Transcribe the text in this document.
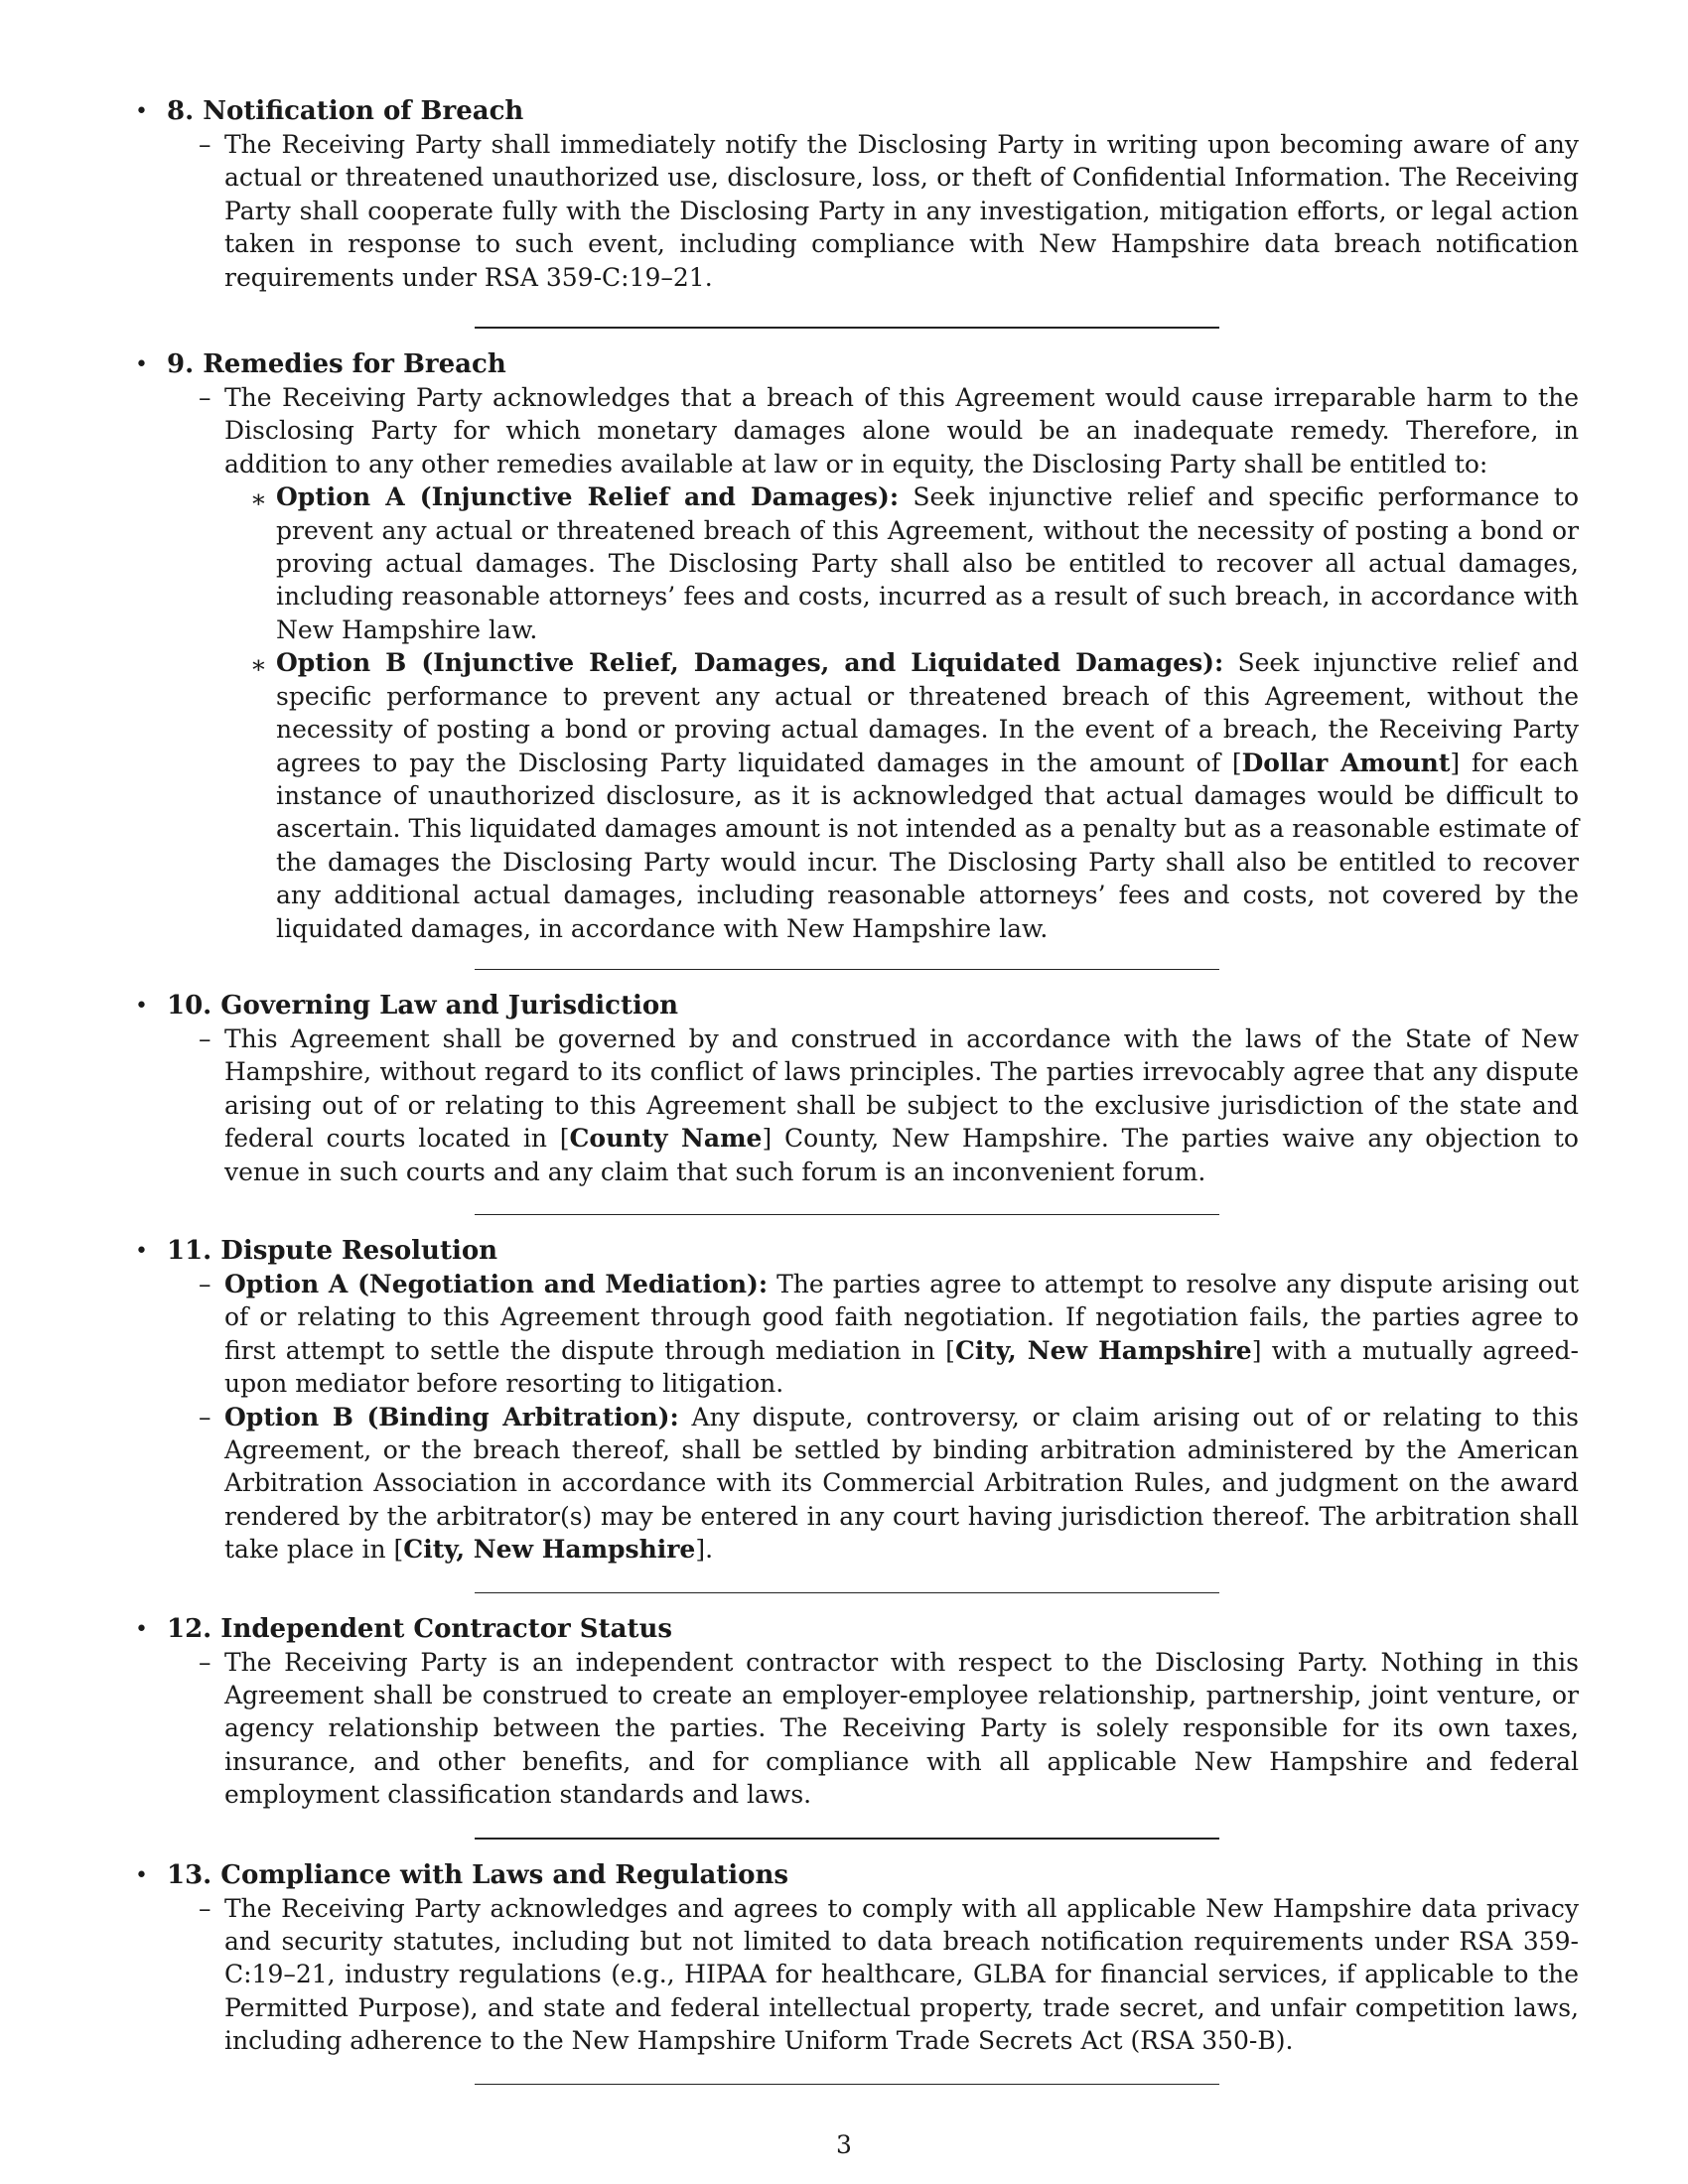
• 8. Notification of Breach
– The Receiving Party shall immediately notify the Disclosing Party in writing upon becoming aware of any actual or threatened unauthorized use, disclosure, loss, or theft of Confidential Information. The Receiving Party shall cooperate fully with the Disclosing Party in any investigation, mitigation efforts, or legal action taken in response to such event, including compliance with New Hampshire data breach notification requirements under RSA 359-C:19–21.
• 9. Remedies for Breach
– The Receiving Party acknowledges that a breach of this Agreement would cause irreparable harm to the Disclosing Party for which monetary damages alone would be an inadequate remedy. Therefore, in addition to any other remedies available at law or in equity, the Disclosing Party shall be entitled to:
∗ Option A (Injunctive Relief and Damages): Seek injunctive relief and specific performance to prevent any actual or threatened breach of this Agreement, without the necessity of posting a bond or proving actual damages. The Disclosing Party shall also be entitled to recover all actual damages, including reasonable attorneys’ fees and costs, incurred as a result of such breach, in accordance with New Hampshire law.
∗ Option B (Injunctive Relief, Damages, and Liquidated Damages): Seek injunctive relief and specific performance to prevent any actual or threatened breach of this Agreement, without the necessity of posting a bond or proving actual damages. In the event of a breach, the Receiving Party agrees to pay the Disclosing Party liquidated damages in the amount of [Dollar Amount] for each instance of unauthorized disclosure, as it is acknowledged that actual damages would be difficult to ascertain. This liquidated damages amount is not intended as a penalty but as a reasonable estimate of the damages the Disclosing Party would incur. The Disclosing Party shall also be entitled to recover any additional actual damages, including reasonable attorneys’ fees and costs, not covered by the liquidated damages, in accordance with New Hampshire law.
• 10. Governing Law and Jurisdiction
– This Agreement shall be governed by and construed in accordance with the laws of the State of New Hampshire, without regard to its conflict of laws principles. The parties irrevocably agree that any dispute arising out of or relating to this Agreement shall be subject to the exclusive jurisdiction of the state and federal courts located in [County Name] County, New Hampshire. The parties waive any objection to venue in such courts and any claim that such forum is an inconvenient forum.
• 11. Dispute Resolution
– Option A (Negotiation and Mediation): The parties agree to attempt to resolve any dispute arising out of or relating to this Agreement through good faith negotiation. If negotiation fails, the parties agree to first attempt to settle the dispute through mediation in [City, New Hampshire] with a mutually agreed-upon mediator before resorting to litigation.
– Option B (Binding Arbitration): Any dispute, controversy, or claim arising out of or relating to this Agreement, or the breach thereof, shall be settled by binding arbitration administered by the American Arbitration Association in accordance with its Commercial Arbitration Rules, and judgment on the award rendered by the arbitrator(s) may be entered in any court having jurisdiction thereof. The arbitration shall take place in [City, New Hampshire].
• 12. Independent Contractor Status
– The Receiving Party is an independent contractor with respect to the Disclosing Party. Nothing in this Agreement shall be construed to create an employer-employee relationship, partnership, joint venture, or agency relationship between the parties. The Receiving Party is solely responsible for its own taxes, insurance, and other benefits, and for compliance with all applicable New Hampshire and federal employment classification standards and laws.
• 13. Compliance with Laws and Regulations
– The Receiving Party acknowledges and agrees to comply with all applicable New Hampshire data privacy and security statutes, including but not limited to data breach notification requirements under RSA 359-C:19–21, industry regulations (e.g., HIPAA for healthcare, GLBA for financial services, if applicable to the Permitted Purpose), and state and federal intellectual property, trade secret, and unfair competition laws, including adherence to the New Hampshire Uniform Trade Secrets Act (RSA 350-B).
3
